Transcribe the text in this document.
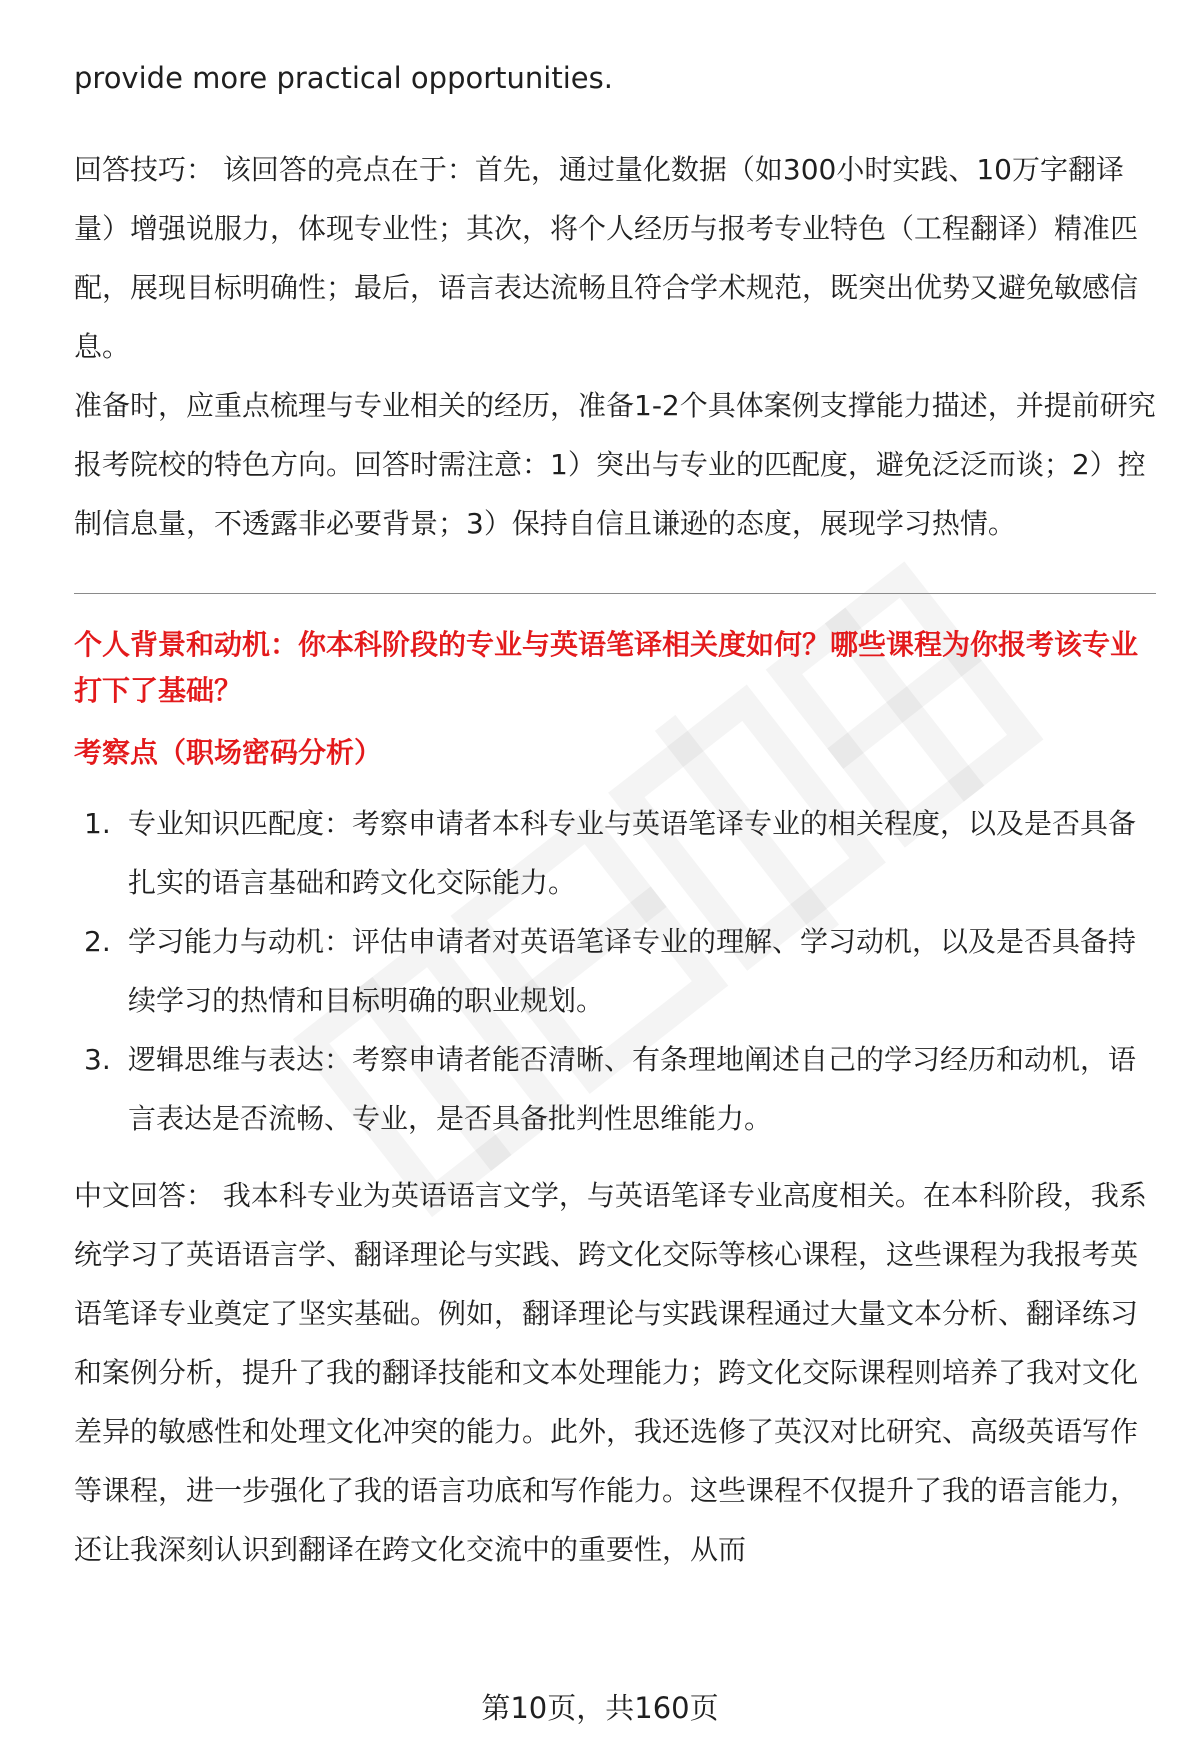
provide more practical opportunities.

回答技巧： 该回答的亮点在于：首先，通过量化数据（如300小时实践、10万字翻译量）增强说服力，体现专业性；其次，将个人经历与报考专业特色（工程翻译）精准匹配，展现目标明确性；最后，语言表达流畅且符合学术规范，既突出优势又避免敏感信息。

准备时，应重点梳理与专业相关的经历，准备1-2个具体案例支撑能力描述，并提前研究报考院校的特色方向。回答时需注意：1）突出与专业的匹配度，避免泛泛而谈；2）控制信息量，不透露非必要背景；3）保持自信且谦逊的态度，展现学习热情。

个人背景和动机：你本科阶段的专业与英语笔译相关度如何？哪些课程为你报考该专业打下了基础？

考察点（职场密码分析）

1. 专业知识匹配度：考察申请者本科专业与英语笔译专业的相关程度，以及是否具备扎实的语言基础和跨文化交际能力。
2. 学习能力与动机：评估申请者对英语笔译专业的理解、学习动机，以及是否具备持续学习的热情和目标明确的职业规划。
3. 逻辑思维与表达：考察申请者能否清晰、有条理地阐述自己的学习经历和动机，语言表达是否流畅、专业，是否具备批判性思维能力。

中文回答： 我本科专业为英语语言文学，与英语笔译专业高度相关。在本科阶段，我系统学习了英语语言学、翻译理论与实践、跨文化交际等核心课程，这些课程为我报考英语笔译专业奠定了坚实基础。例如，翻译理论与实践课程通过大量文本分析、翻译练习和案例分析，提升了我的翻译技能和文本处理能力；跨文化交际课程则培养了我对文化差异的敏感性和处理文化冲突的能力。此外，我还选修了英汉对比研究、高级英语写作等课程，进一步强化了我的语言功底和写作能力。这些课程不仅提升了我的语言能力，还让我深刻认识到翻译在跨文化交流中的重要性，从而

第10页，共160页
